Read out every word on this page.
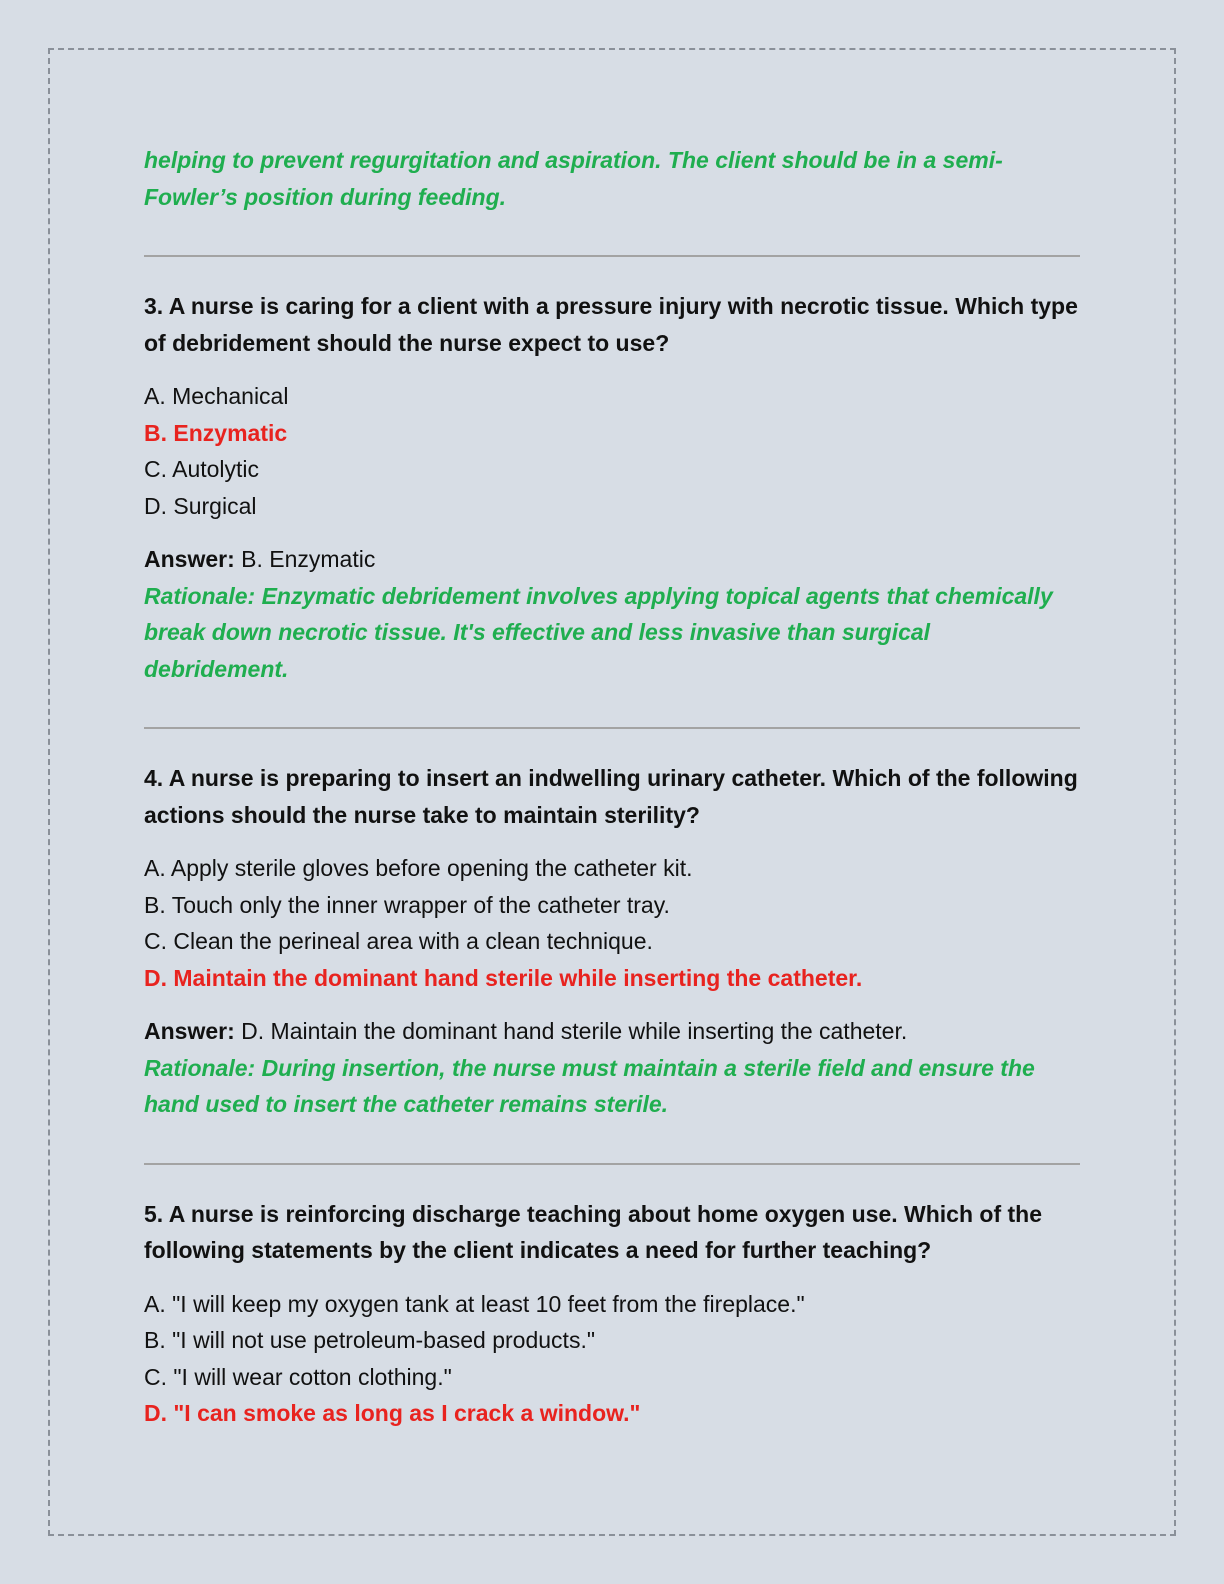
helping to prevent regurgitation and aspiration. The client should be in a semi-Fowler’s position during feeding.
3. A nurse is caring for a client with a pressure injury with necrotic tissue. Which type of debridement should the nurse expect to use?
A. Mechanical
B. Enzymatic
C. Autolytic
D. Surgical
Answer: B. Enzymatic
Rationale: Enzymatic debridement involves applying topical agents that chemically break down necrotic tissue. It's effective and less invasive than surgical debridement.
4. A nurse is preparing to insert an indwelling urinary catheter. Which of the following actions should the nurse take to maintain sterility?
A. Apply sterile gloves before opening the catheter kit.
B. Touch only the inner wrapper of the catheter tray.
C. Clean the perineal area with a clean technique.
D. Maintain the dominant hand sterile while inserting the catheter.
Answer: D. Maintain the dominant hand sterile while inserting the catheter.
Rationale: During insertion, the nurse must maintain a sterile field and ensure the hand used to insert the catheter remains sterile.
5. A nurse is reinforcing discharge teaching about home oxygen use. Which of the following statements by the client indicates a need for further teaching?
A. "I will keep my oxygen tank at least 10 feet from the fireplace."
B. "I will not use petroleum-based products."
C. "I will wear cotton clothing."
D. "I can smoke as long as I crack a window."
